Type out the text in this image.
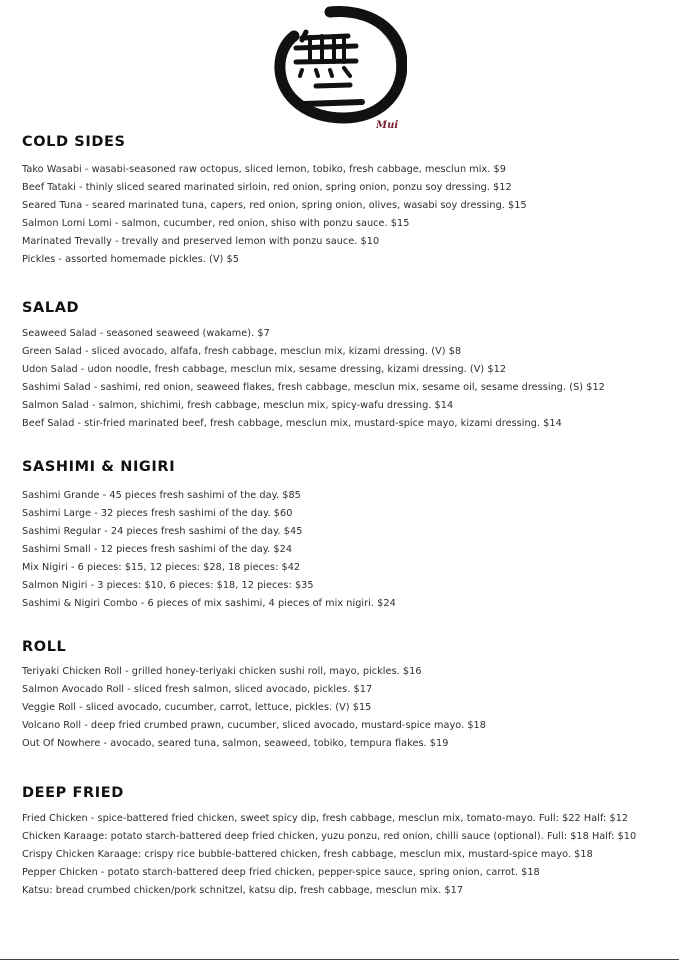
Mui
COLD SIDES
Tako Wasabi - wasabi-seasoned raw octopus, sliced lemon, tobiko, fresh cabbage, mesclun mix. $9
Beef Tataki - thinly sliced seared marinated sirloin, red onion, spring onion, ponzu soy dressing. $12
Seared Tuna - seared marinated tuna, capers, red onion, spring onion, olives, wasabi soy dressing. $15
Salmon Lomi Lomi - salmon, cucumber, red onion, shiso with ponzu sauce. $15
Marinated Trevally - trevally and preserved lemon with ponzu sauce. $10
Pickles - assorted homemade pickles. (V) $5
SALAD
Seaweed Salad - seasoned seaweed (wakame). $7
Green Salad - sliced avocado, alfafa, fresh cabbage, mesclun mix, kizami dressing. (V) $8
Udon Salad - udon noodle, fresh cabbage, mesclun mix, sesame dressing, kizami dressing. (V) $12
Sashimi Salad - sashimi, red onion, seaweed flakes, fresh cabbage, mesclun mix, sesame oil, sesame dressing. (S) $12
Salmon Salad - salmon, shichimi, fresh cabbage, mesclun mix, spicy-wafu dressing. $14
Beef Salad - stir-fried marinated beef, fresh cabbage, mesclun mix, mustard-spice mayo, kizami dressing. $14
SASHIMI & NIGIRI
Sashimi Grande - 45 pieces fresh sashimi of the day. $85
Sashimi Large - 32 pieces fresh sashimi of the day. $60
Sashimi Regular - 24 pieces fresh sashimi of the day. $45
Sashimi Small - 12 pieces fresh sashimi of the day. $24
Mix Nigiri - 6 pieces: $15, 12 pieces: $28, 18 pieces: $42
Salmon Nigiri - 3 pieces: $10, 6 pieces: $18, 12 pieces: $35
Sashimi & Nigiri Combo - 6 pieces of mix sashimi, 4 pieces of mix nigiri. $24
ROLL
Teriyaki Chicken Roll - grilled honey-teriyaki chicken sushi roll, mayo, pickles. $16
Salmon Avocado Roll - sliced fresh salmon, sliced avocado, pickles. $17
Veggie Roll - sliced avocado, cucumber, carrot, lettuce, pickles. (V) $15
Volcano Roll - deep fried crumbed prawn, cucumber, sliced avocado, mustard-spice mayo. $18
Out Of Nowhere - avocado, seared tuna, salmon, seaweed, tobiko, tempura flakes. $19
DEEP FRIED
Fried Chicken - spice-battered fried chicken, sweet spicy dip, fresh cabbage, mesclun mix, tomato-mayo. Full: $22 Half: $12
Chicken Karaage: potato starch-battered deep fried chicken, yuzu ponzu, red onion, chilli sauce (optional). Full: $18 Half: $10
Crispy Chicken Karaage: crispy rice bubble-battered chicken, fresh cabbage, mesclun mix, mustard-spice mayo. $18
Pepper Chicken - potato starch-battered deep fried chicken, pepper-spice sauce, spring onion, carrot. $18
Katsu: bread crumbed chicken/pork schnitzel, katsu dip, fresh cabbage, mesclun mix. $17
